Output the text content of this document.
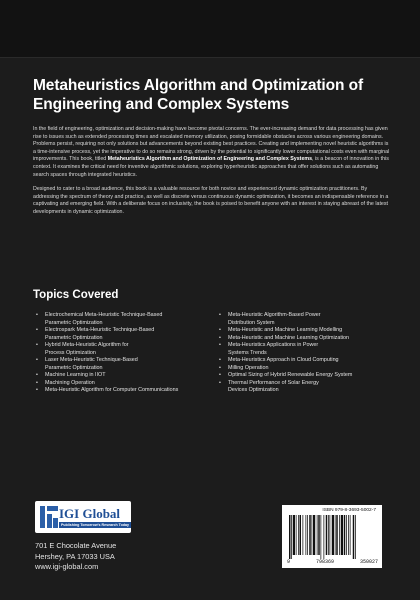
Metaheuristics Algorithm and Optimization of
Engineering and Complex Systems

In the field of engineering, optimization and decision-making have become pivotal concerns. The ever-increasing demand for data processing has given rise to issues such as extended processing times and escalated memory utilization, posing formidable obstacles across various engineering domains. Problems persist, requiring not only solutions but advancements beyond existing best practices. Creating and implementing novel heuristic algorithms is a time-intensive process, yet the imperative to do so remains strong, driven by the potential to significantly lower computational costs even with marginal improvements. This book, titled Metaheuristics Algorithm and Optimization of Engineering and Complex Systems, is a beacon of innovation in this context. It examines the critical need for inventive algorithmic solutions, exploring hyperheuristic approaches that offer solutions such as automating search spaces through integrated heuristics.

Designed to cater to a broad audience, this book is a valuable resource for both novice and experienced dynamic optimization practitioners. By addressing the spectrum of theory and practice, as well as discrete versus continuous dynamic optimization, it becomes an indispensable reference in a captivating and emerging field. With a deliberate focus on inclusivity, the book is poised to benefit anyone with an interest in staying abreast of the latest developments in dynamic optimization.

Topics Covered
• Electrochemical Meta-Heuristic Technique-Based
Parametric Optimization
• Electrospark Meta-Heuristic Technique-Based
Parametric Optimization
• Hybrid Meta-Heuristic Algorithm for
Process Optimization
• Laser Meta-Heuristic Technique-Based
Parametric Optimization
• Machine Learning in IIOT
• Machining Operation
• Meta-Heuristic Algorithm for Computer Communications
• Meta-Heuristic Algorithm-Based Power
Distribution System
• Meta-Heuristic and Machine Learning Modelling
• Meta-Heuristic and Machine Learning Optimization
• Meta-Heuristics Applications in Power
Systems Trends
• Meta-Heuristics Approach in Cloud Computing
• Milling Operation
• Optimal Sizing of Hybrid Renewable Energy System
• Thermal Performance of Solar Energy
Devices Optimization
IGI Global
Publishing Tomorrow's Research Today
701 E Chocolate Avenue
Hershey, PA 17033 USA
www.igi-global.com
ISBN 979-8-3693-5002-7
9	798369	350027
